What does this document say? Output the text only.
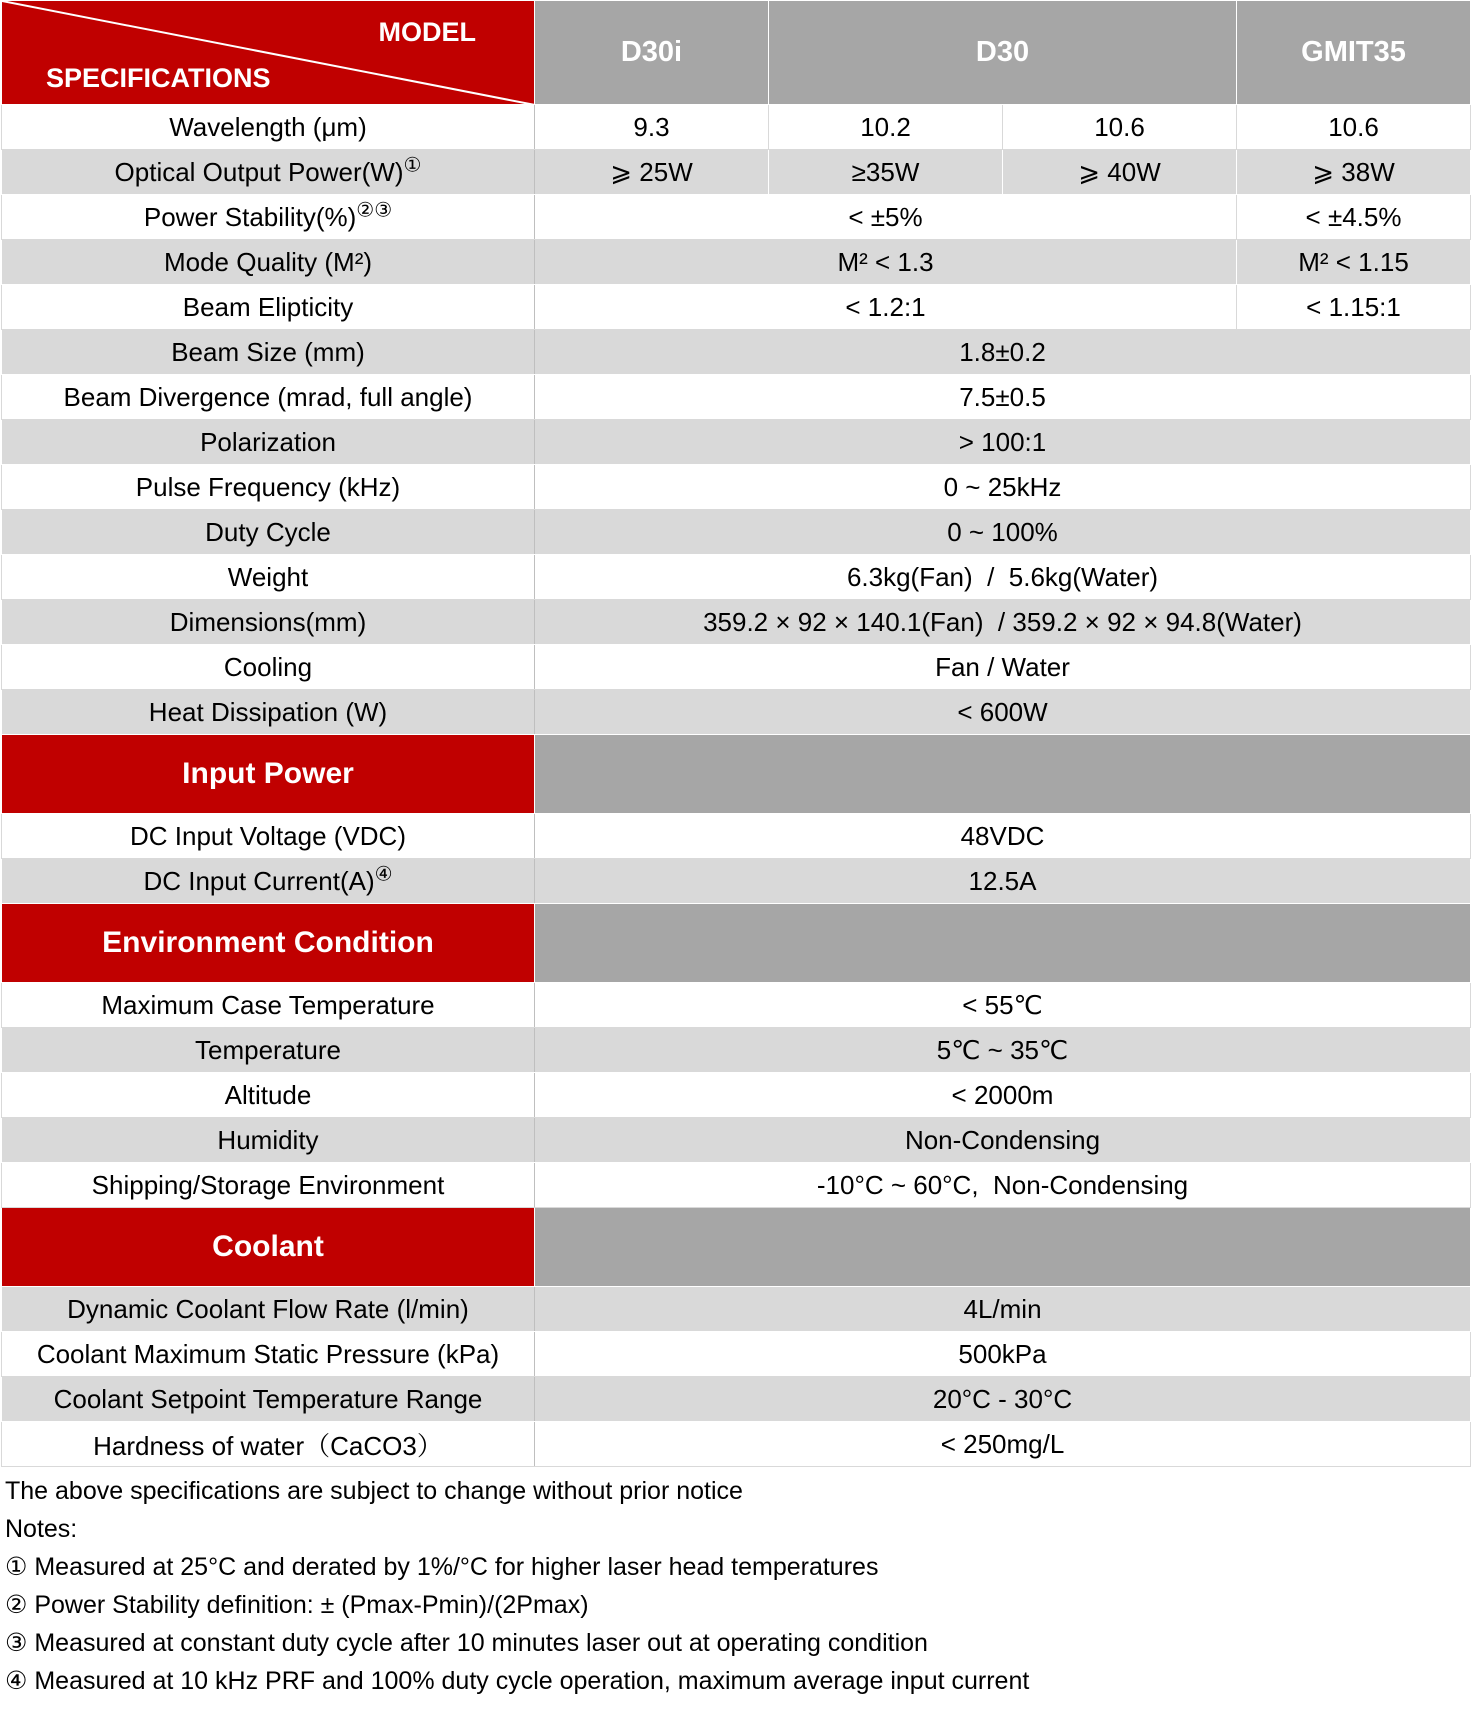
MODEL
SPECIFICATIONS	D30i	D30		GMIT35
Wavelength (μm)	9.3	10.2	10.6	10.6
Optical Output Power(W)①	⩾ 25W	≥35W	⩾ 40W	⩾ 38W
Power Stability(%)②③	< ±5%			< ±4.5%
Mode Quality (M²)	M² < 1.3			M² < 1.15
Beam Elipticity	< 1.2:1			< 1.15:1
Beam Size (mm)	1.8±0.2			
Beam Divergence (mrad, full angle)	7.5±0.5			
Polarization	> 100:1			
Pulse Frequency (kHz)	0 ~ 25kHz			
Duty Cycle	0 ~ 100%			
Weight	6.3kg(Fan)  /  5.6kg(Water)			
Dimensions(mm)	359.2 × 92 × 140.1(Fan)  / 359.2 × 92 × 94.8(Water)			
Cooling	Fan / Water			
Heat Dissipation (W)	< 600W			
Input Power				
DC Input Voltage (VDC)	48VDC			
DC Input Current(A)④	12.5A			
Environment Condition				
Maximum Case Temperature	< 55℃			
Temperature	5℃ ~ 35℃			
Altitude	< 2000m			
Humidity	Non-Condensing			
Shipping/Storage Environment	-10°C ~ 60°C,  Non-Condensing			
Coolant				
Dynamic Coolant Flow Rate (l/min)	4L/min			
Coolant Maximum Static Pressure (kPa)	500kPa			
Coolant Setpoint Temperature Range	20°C - 30°C			
Hardness of water（CaCO3）	< 250mg/L			
The above specifications are subject to change without prior notice
Notes:
① Measured at 25°C and derated by 1%/°C for higher laser head temperatures
② Power Stability definition: ± (Pmax-Pmin)/(2Pmax)
③ Measured at constant duty cycle after 10 minutes laser out at operating condition
④ Measured at 10 kHz PRF and 100% duty cycle operation, maximum average input current
